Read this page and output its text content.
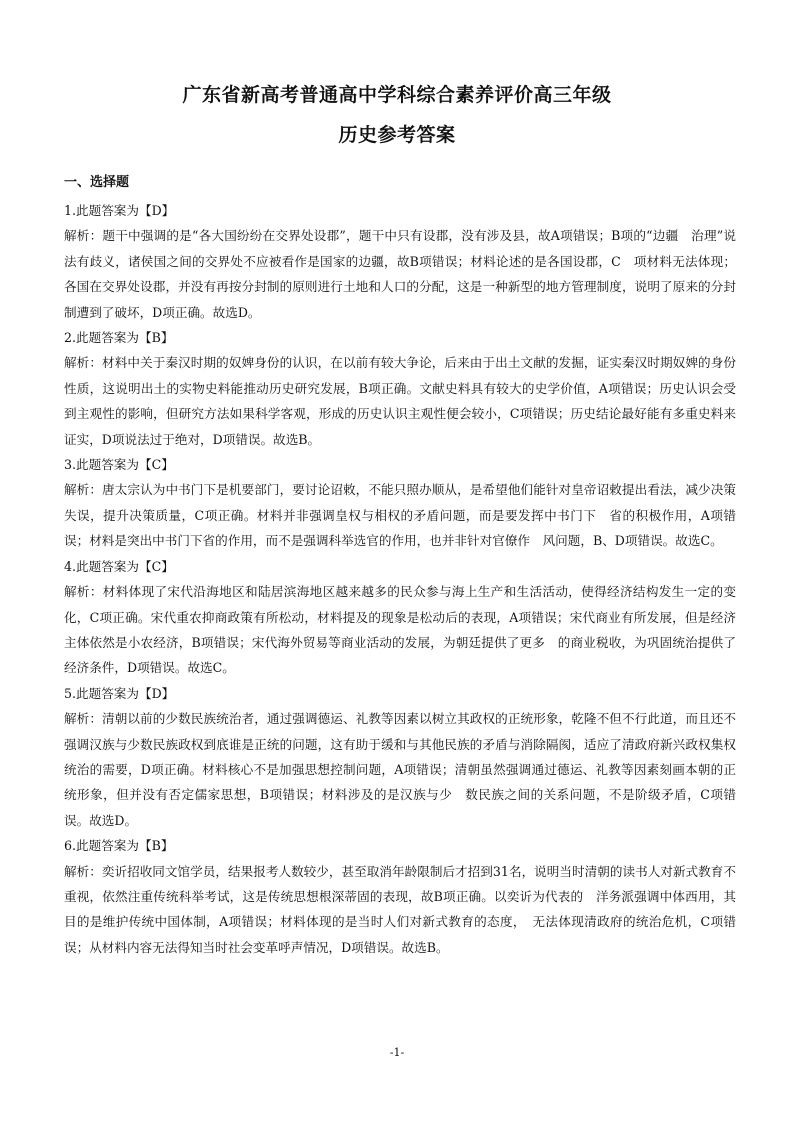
广东省新高考普通高中学科综合素养评价高三年级
历史参考答案
一、选择题
1.此题答案为【D】
解析：题干中强调的是“各大国纷纷在交界处设郡”，题干中只有设郡，没有涉及县，故A项错误；B项的“边疆　治理”说法有歧义，诸侯国之间的交界处不应被看作是国家的边疆，故B项错误；材料论述的是各国设郡，C　项材料无法体现；各国在交界处设郡，并没有再按分封制的原则进行土地和人口的分配，这是一种新型的地方管理制度，说明了原来的分封制遭到了破坏，D项正确。故选D。
2.此题答案为【B】
解析：材料中关于秦汉时期的奴婢身份的认识，在以前有较大争论，后来由于出土文献的发掘，证实秦汉时期奴婢的身份性质，这说明出土的实物史料能推动历史研究发展，B项正确。文献史料具有较大的史学价值，A项错误；历史认识会受到主观性的影响，但研究方法如果科学客观，形成的历史认识主观性便会较小，C项错误；历史结论最好能有多重史料来证实，D项说法过于绝对，D项错误。故选B。
3.此题答案为【C】
解析：唐太宗认为中书门下是机要部门，要讨论诏敕，不能只照办顺从，是希望他们能针对皇帝诏敕提出看法，减少决策失误，提升决策质量，C项正确。材料并非强调皇权与相权的矛盾问题，而是要发挥中书门下　省的积极作用，A项错误；材料是突出中书门下省的作用，而不是强调科举选官的作用，也并非针对官僚作　风问题，B、D项错误。故选C。
4.此题答案为【C】
解析：材料体现了宋代沿海地区和陆居滨海地区越来越多的民众参与海上生产和生活活动，使得经济结构发生一定的变化，C项正确。宋代重农抑商政策有所松动，材料提及的现象是松动后的表现，A项错误；宋代商业有所发展，但是经济主体依然是小农经济，B项错误；宋代海外贸易等商业活动的发展，为朝廷提供了更多　的商业税收，为巩固统治提供了经济条件，D项错误。故选C。
5.此题答案为【D】
解析：清朝以前的少数民族统治者，通过强调德运、礼教等因素以树立其政权的正统形象，乾隆不但不行此道，而且还不强调汉族与少数民族政权到底谁是正统的问题，这有助于缓和与其他民族的矛盾与消除隔阂，适应了清政府新兴政权集权统治的需要，D项正确。材料核心不是加强思想控制问题，A项错误；清朝虽然强调通过德运、礼教等因素刻画本朝的正统形象，但并没有否定儒家思想，B项错误；材料涉及的是汉族与少　数民族之间的关系问题，不是阶级矛盾，C项错误。故选D。
6.此题答案为【B】
解析：奕䜣招收同文馆学员，结果报考人数较少，甚至取消年龄限制后才招到31名，说明当时清朝的读书人对新式教育不重视，依然注重传统科举考试，这是传统思想根深蒂固的表现，故B项正确。以奕䜣为代表的　洋务派强调中体西用，其目的是维护传统中国体制，A项错误；材料体现的是当时人们对新式教育的态度，　无法体现清政府的统治危机，C项错误；从材料内容无法得知当时社会变革呼声情况，D项错误。故选B。
-1-
